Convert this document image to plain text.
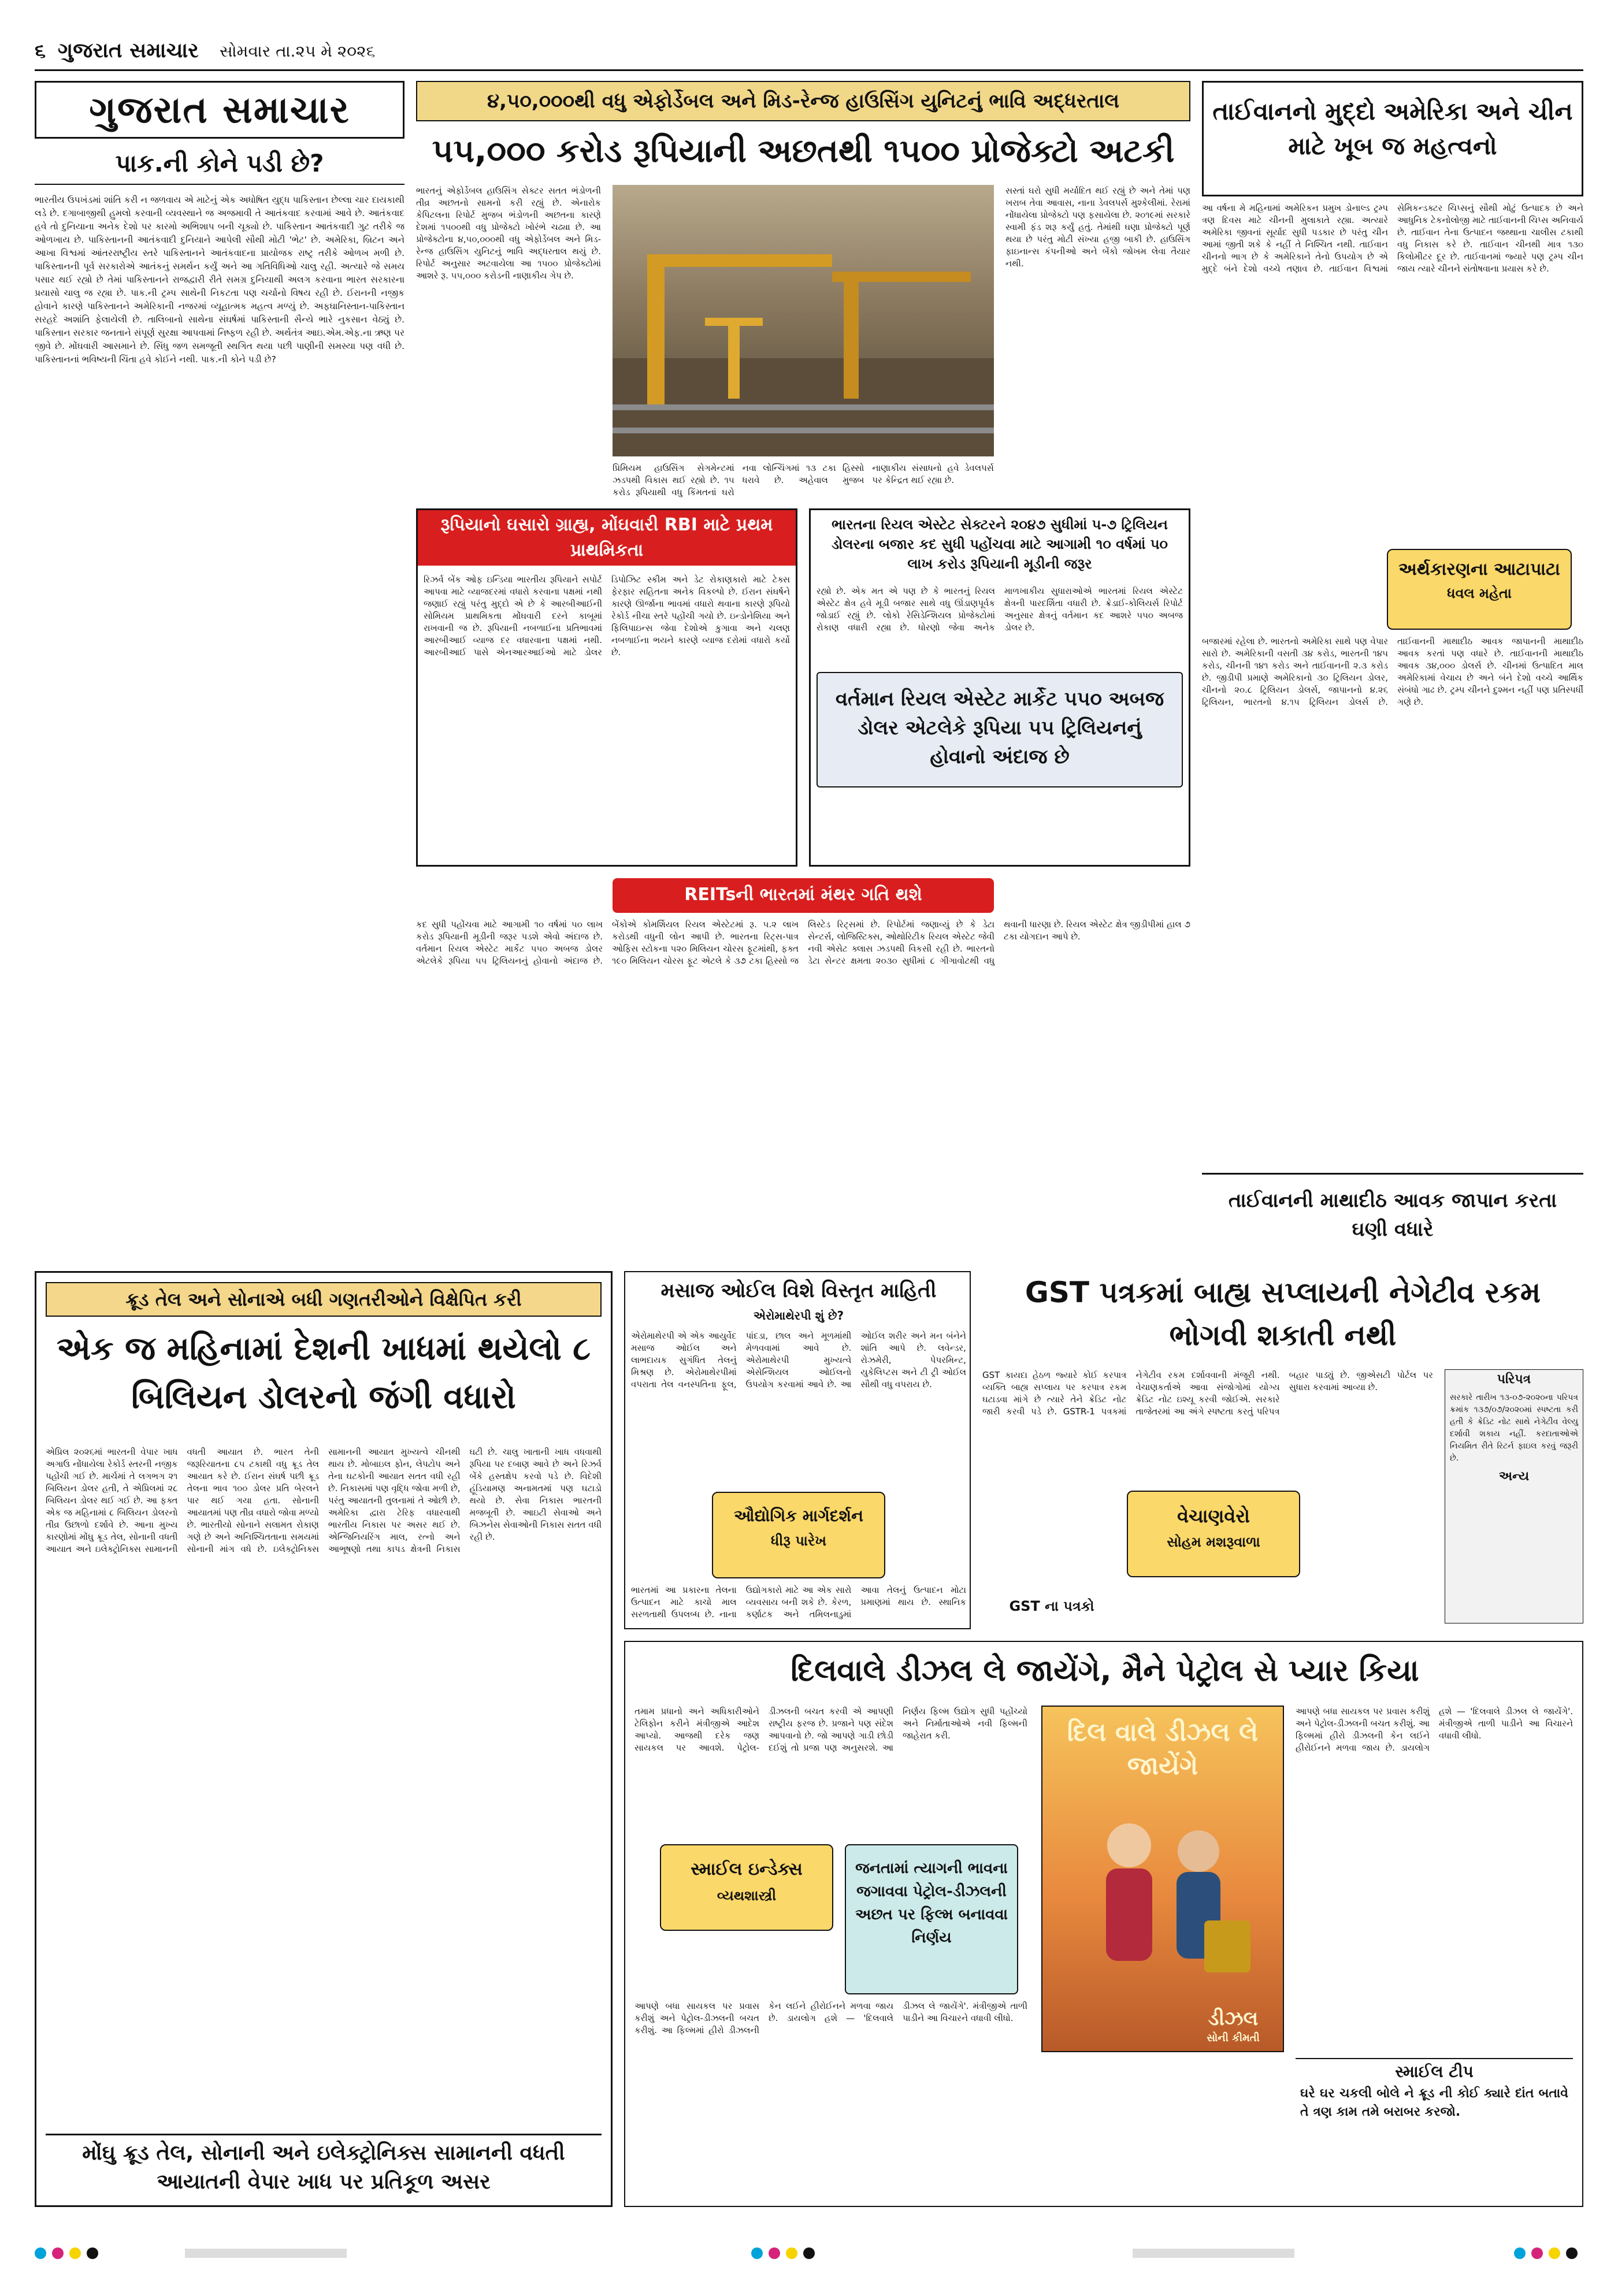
૬ ગુજરાત સમાચાર સોમવાર તા.૨૫ મે ૨૦૨૬
ગુજરાત સમાચાર
પાક.ની કોને પડી છે?

ભારતીય ઉપખંડમાં શાંતિ કરી ન જળવાય એ માટેનું એક અધોષિત યુદ્ધ પાકિસ્તાન છેલ્લા ચાર દાયકાથી લડે છે. દગાબાજીથી હુમલો કરવાની વ્યવસ્થાને જ અજમાવી તે આતંકવાદ કરવામાં આવે છે. આતંકવાદ હવે તો દુનિયાના અનેક દેશો પર કારમો અભિશાપ બની ચૂક્યો છે. પાકિસ્તાન આતંકવાદી ગુટ તરીકે જ ઓળખાય છે. પાકિસ્તાનની આતંકવાદી દુનિયાને આપેલી સૌથી મોટી 'ભેટ' છે. અમેરિકા, બ્રિટન અને આખા વિશ્વમાં આંતરરાષ્ટ્રીય સ્તરે પાકિસ્તાનને આતંકવાદના પ્રાયોજક રાષ્ટ્ર તરીકે ઓળખ મળી છે. પાકિસ્તાનની પૂર્વ સરકારોએ આતંકનું સમર્થન કર્યું અને આ ગતિવિધિઓ ચાલુ રહી. અત્યારે જે સમય પસાર થઈ રહ્યો છે તેમાં પાકિસ્તાનને રાજદ્વારી રીતે સમગ્ર દુનિયાથી અલગ કરવાના ભારત સરકારના પ્રયાસો ચાલુ જ રહ્યા છે. પાક.ની ટ્રમ્પ સાથેની નિકટતા પણ ચર્ચાનો વિષય રહી છે. ઈરાનની નજીક હોવાને કારણે પાકિસ્તાનને અમેરિકાની નજરમાં વ્યૂહાત્મક મહત્વ મળ્યું છે. અફઘાનિસ્તાન-પાકિસ્તાન સરહદે અશાંતિ ફેલાયેલી છે. તાલિબાનો સાથેના સંઘર્ષમાં પાકિસ્તાની સૈન્યે ભારે નુકસાન વેઠ્યું છે. પાકિસ્તાન સરકાર જનતાને સંપૂર્ણ સુરક્ષા આપવામાં નિષ્ફળ રહી છે. અર્થતંત્ર આઇ.એમ.એફ.ના ઋણ પર જીવે છે. મોંઘવારી આસમાને છે. સિંધુ જળ સમજૂતી સ્થગિત થયા પછી પાણીની સમસ્યા પણ વધી છે. પાકિસ્તાનનાં ભવિષ્યની ચિંતા હવે કોઈને નથી. પાક.ની કોને પડી છે?

૪,૫૦,૦૦૦થી વધુ એફોર્ડેબલ અને મિડ-રેન્જ હાઉસિંગ યુનિટનું ભાવિ અદ્ધરતાલ
૫૫,૦૦૦ કરોડ રૂપિયાની અછતથી ૧૫૦૦ પ્રોજેક્ટો અટકી

ભારતનું એફોર્ડેબલ હાઉસિંગ સેક્ટર સતત ભંડોળની તીવ્ર અછતનો સામનો કરી રહ્યું છે. એનારોક કેપિટલના રિપોર્ટ મુજબ ભંડોળની અછતના કારણે દેશમાં ૧૫૦૦થી વધુ પ્રોજેક્ટો ખોરંભે ચઢ્યા છે. આ પ્રોજેક્ટોના ૪,૫૦,૦૦૦થી વધુ એફોર્ડેબલ અને મિડ-રેન્જ હાઉસિંગ યુનિટનું ભાવિ અદ્ધરતાલ થયું છે. રિપોર્ટ અનુસાર અટવાયેલા આ ૧૫૦૦ પ્રોજેક્ટોમાં આશરે રૂ. ૫૫,૦૦૦ કરોડની નાણાકીય ગેપ છે.

પ્રિમિયમ હાઉસિંગ સેગમેન્ટમાં ઝડપથી વિકાસ થઈ રહ્યો છે. ૧૫ કરોડ રૂપિયાથી વધુ કિંમતનાં ઘરો નવા લોન્ચિંગમાં ૧૩ ટકા હિસ્સો ધરાવે છે. અહેવાલ મુજબ નાણાકીય સંસાધનો હવે ડેવલપર્સ પર કેન્દ્રિત થઈ રહ્યા છે.

સસ્તાં ઘરો સુધી મર્યાદિત થઈ રહ્યું છે અને તેમાં પણ ખરાબ તેવા આવાસ, નાના ડેવલપર્સ મુશ્કેલીમાં. રેરામાં નોંધાયેલા પ્રોજેક્ટો પણ ફસાયેલા છે. ૨૦૧૯માં સરકારે સ્વામી ફંડ શરૂ કર્યું હતું. તેમાંથી ઘણા પ્રોજેક્ટો પૂર્ણ થયા છે પરંતુ મોટી સંખ્યા હજી બાકી છે. હાઉસિંગ ફાઇનાન્સ કંપનીઓ અને બેંકો જોખમ લેવા તૈયાર નથી.

રૂપિયાનો ઘસારો ગ્રાહ્ય, મોંઘવારી RBI માટે પ્રથમ પ્રાથમિકતા

રિઝર્વ બેંક ઓફ ઇન્ડિયા ભારતીય રૂપિયાને સપોર્ટ આપવા માટે વ્યાજદરમાં વધારો કરવાના પક્ષમાં નથી જણાઈ રહ્યું પરંતુ મુદ્દો એ છે કે આરબીઆઈની સોમિયમ પ્રાથમિકતા મોંઘવારી દરને કાબૂમાં રાખવાની જ છે. રૂપિયાની નબળાઈના પ્રતિભાવમાં આરબીઆઈ વ્યાજ દર વધારવાના પક્ષમાં નથી. આરબીઆઈ પાસે એનઆરઆઈઓ માટે ડોલર ડિપોઝિટ સ્કીમ અને ડેટ રોકાણકારો માટે ટેક્સ ફેરફાર સહિતના અનેક વિકલ્પો છે. ઈરાન સંઘર્ષને કારણે ઊર્જાના ભાવમાં વધારો થવાના કારણે રૂપિયો રેકોર્ડ નીચા સ્તરે પહોંચી ગયો છે. ઇન્ડોનેશિયા અને ફિલિપાઇન્સ જેવા દેશોએ કુગાવા અને ચલણ નબળાઈના ભયને કારણે વ્યાજ દરોમાં વધારો કર્યો છે.

ભારતના રિયલ એસ્ટેટ સેક્ટરને ૨૦૪૭ સુધીમાં ૫-૭ ટ્રિલિયન ડોલરના બજાર કદ સુધી પહોંચવા માટે આગામી ૧૦ વર્ષમાં ૫૦ લાખ કરોડ રૂપિયાની મૂડીની જરૂર

રહ્યો છે. એક મત એ પણ છે કે ભારતનું રિયલ એસ્ટેટ ક્ષેત્ર હવે મૂડી બજાર સાથે વધુ ઊંડાણપૂર્વક જોડાઈ રહ્યું છે. લોકો રેસિડેન્શિયલ પ્રોજેક્ટોમાં રોકાણ વધારી રહ્યા છે. ધોરણો જેવા અનેક માળખાકીય સુધારાઓએ ભારતમાં રિયલ એસ્ટેટ ક્ષેત્રની પારદર્શિતા વધારી છે. ક્રેડાઈ-કોલિયર્સ રિપોર્ટ અનુસાર ક્ષેત્રનું વર્તમાન કદ આશરે ૫૫૦ અબજ ડોલર છે.

વર્તમાન રિયલ એસ્ટેટ માર્કેટ ૫૫૦ અબજ ડોલર એટલેકે રૂપિયા ૫૫ ટ્રિલિયનનું હોવાનો અંદાજ છે
REITsની ભારતમાં મંથર ગતિ થશે

કદ સુધી પહોંચવા માટે આગામી ૧૦ વર્ષમાં ૫૦ લાખ કરોડ રૂપિયાની મૂડીની જરૂર પડશે એવો અંદાજ છે. વર્તમાન રિયલ એસ્ટેટ માર્કેટ ૫૫૦ અબજ ડોલર એટલેકે રૂપિયા ૫૫ ટ્રિલિયનનું હોવાનો અંદાજ છે. બેંકોએ કોમર્શિયલ રિયલ એસ્ટેટમાં રૂ. ૫.૨ લાખ કરોડથી વધુની લોન આપી છે. ભારતના રિટ્સ-પાત્ર ઓફિસ સ્ટોકના ૫૨૦ મિલિયન ચોરસ ફૂટમાંથી, ફક્ત ૧૯૦ મિલિયન ચોરસ ફૂટ એટલે કે ૩૭ ટકા હિસ્સો જ લિસ્ટેડ રિટ્સમાં છે. રિપોર્ટમાં જણાવ્યું છે કે ડેટા સેન્ટર્સ, લોજિસ્ટિક્સ, ઓથોરિટીક રિયલ એસ્ટેટ જેવી નવી એસેટ ક્લાસ ઝડપથી વિકસી રહી છે. ભારતનો ડેટા સેન્ટર ક્ષમતા ૨૦૩૦ સુધીમાં ૮ ગીગાવોટથી વધુ થવાની ધારણા છે. રિયલ એસ્ટેટ ક્ષેત્ર જીડીપીમાં હાલ ૭ ટકા યોગદાન આપે છે.

તાઈવાનનો મુદ્દો અમેરિકા અને ચીન માટે ખૂબ જ મહત્વનો

આ વર્ષના મે મહિનામાં અમેરિકન પ્રમુખ ડોનાલ્ડ ટ્રમ્પ ત્રણ દિવસ માટે ચીનની મુલાકાતે રહ્યા. અત્યારે અમેરિકા જીવનાં સૂર્યાદ સુધી પડકાર છે પરંતુ ચીન આમાં જીતી શકે કે નહીં તે નિશ્ચિત નથી. તાઈવાન ચીનનો ભાગ છે કે અમેરિકાને તેનો ઉપયોગ છે એ મુદ્દે બંને દેશો વચ્ચે તણાવ છે. તાઈવાન વિશ્વમાં સેમિકન્ડક્ટર ચિપ્સનું સૌથી મોટું ઉત્પાદક છે અને આધુનિક ટેકનોલોજી માટે તાઈવાનની ચિપ્સ અનિવાર્ય છે. તાઈવાન તેના ઉત્પાદન જથ્થાના ચાલીસ ટકાથી વધુ નિકાસ કરે છે. તાઈવાન ચીનથી માત્ર ૧૩૦ કિલોમીટર દૂર છે. તાઈવાનમાં જ્યારે પણ ટ્રમ્પ ચીન જાય ત્યારે ચીનને સંતોષવાના પ્રયાસ કરે છે.

અર્થકારણના આટાપાટા
ધવલ મહેતા

બજારમાં રહેલા છે. ભારતનો અમેરિકા સાથે પણ વેપાર સારો છે. અમેરિકાની વસતી ૩૪ કરોડ, ભારતની ૧૪૫ કરોડ, ચીનની ૧૪૧ કરોડ અને તાઈવાનની ૨.૩ કરોડ છે. જીડીપી પ્રમાણે અમેરિકાનો ૩૦ ટ્રિલિયન ડોલર, ચીનનો ૨૦.૮ ટ્રિલિયન ડોલર્સ, જાપાનનો ૪.૨૬ ટ્રિલિયન, ભારતનો ૪.૧૫ ટ્રિલિયન ડોલર્સ છે. તાઈવાનની માથાદીઠ આવક જાપાનની માથાદીઠ આવક કરતાં પણ વધારે છે. તાઈવાનની માથાદીઠ આવક ૩૪,૦૦૦ ડોલર્સ છે. ચીનમાં ઉત્પાદિત માલ અમેરિકામાં વેચાય છે અને બંને દેશો વચ્ચે આર્થિક સંબંધો ગાઢ છે. ટ્રમ્પ ચીનને દુશ્મન નહીં પણ પ્રતિસ્પર્ધી ગણે છે.

તાઈવાનની માથાદીઠ આવક જાપાન કરતા ઘણી વધારે
ક્રૂડ તેલ અને સોનાએ બધી ગણતરીઓને વિક્ષેપિત કરી
એક જ મહિનામાં દેશની ખાધમાં થયેલો ૮ બિલિયન ડોલરનો જંગી વધારો

એપ્રિલ ૨૦૨૬માં ભારતની વેપાર ખાધ અગાઉ નોંધાયેલા રેકોર્ડ સ્તરની નજીક પહોંચી ગઈ છે. માર્ચમાં તે લગભગ ૨૧ બિલિયન ડોલર હતી, તે એપ્રિલમાં ૨૮ બિલિયન ડોલર થઈ ગઈ છે. આ ફક્ત એક જ મહિનામાં ૮ બિલિયન ડોલરનો તીવ્ર ઉછાળો દર્શાવે છે. આના મુખ્ય કારણોમાં મોંઘુ ક્રૂડ તેલ, સોનાની વધતી આયાત અને ઇલેક્ટ્રોનિક્સ સામાનની વધતી આયાત છે. ભારત તેની જરૂરિયાતના ૮૫ ટકાથી વધુ ક્રૂડ તેલ આયાત કરે છે. ઈરાન સંઘર્ષ પછી ક્રૂડ તેલના ભાવ ૧૦૦ ડોલર પ્રતિ બેરલને પાર થઈ ગયા હતા. સોનાની આયાતમાં પણ તીવ્ર વધારો જોવા મળ્યો છે. ભારતીયો સોનાને સલામત રોકાણ ગણે છે અને અનિશ્ચિતતાના સમયમાં સોનાની માંગ વધે છે. ઇલેક્ટ્રોનિક્સ સામાનની આયાત મુખ્યત્વે ચીનથી થાય છે. મોબાઇલ ફોન, લેપટોપ અને તેના ઘટકોની આયાત સતત વધી રહી છે. નિકાસમાં પણ વૃદ્ધિ જોવા મળી છે, પરંતુ આયાતની તુલનામાં તે ઓછી છે. અમેરિકા દ્વારા ટેરિફ વધારવાથી ભારતીય નિકાસ પર અસર થઈ છે. એન્જિનિયરિંગ માલ, રત્નો અને આભૂષણો તથા કાપડ ક્ષેત્રની નિકાસ ઘટી છે. ચાલુ ખાતાની ખાધ વધવાથી રૂપિયા પર દબાણ આવે છે અને રિઝર્વ બેંકે હસ્તક્ષેપ કરવો પડે છે. વિદેશી હૂંડિયામણ અનામતમાં પણ ઘટાડો થયો છે. સેવા નિકાસ ભારતની મજબૂતી છે. આઇટી સેવાઓ અને બિઝનેસ સેવાઓની નિકાસ સતત વધી રહી છે.

મોંઘુ ક્રૂડ તેલ, સોનાની અને ઇલેક્ટ્રોનિક્સ સામાનની વધતી આયાતની વેપાર ખાધ પર પ્રતિકૂળ અસર
મસાજ ઓઈલ વિશે વિસ્તૃત માહિતી
એરોમાથેરપી શું છે?

એરોમાથેરપી એ એક આયુર્વેદ મસાજ ઓઈલ અને લાભદાયક સુગંધિત તેલનું મિશ્રણ છે. એરોમાથેરપીમાં વપરાતા તેલ વનસ્પતિના ફૂલ, પાંદડા, છાલ અને મૂળમાંથી મેળવવામાં આવે છે. એરોમાથેરપી મુખ્યત્વે એસેન્શિયલ ઓઈલનો ઉપયોગ કરવામાં આવે છે. આ ઓઈલ શરીર અને મન બંનેને શાંતિ આપે છે. લવેન્ડર, રોઝમેરી, પેપરમિન્ટ, યુકેલિપ્ટસ અને ટી ટ્રી ઓઈલ સૌથી વધુ વપરાય છે.

ઔદ્યોગિક માર્ગદર્શન
ધીરૂ પારેખ

ભારતમાં આ પ્રકારના તેલના ઉત્પાદન માટે કાચો માલ સરળતાથી ઉપલબ્ધ છે. નાના ઉદ્યોગકારો માટે આ એક સારો વ્યવસાય બની શકે છે. કેરળ, કર્ણાટક અને તમિલનાડુમાં આવા તેલનું ઉત્પાદન મોટા પ્રમાણમાં થાય છે. સ્થાનિક

GST પત્રકમાં બાહ્ય સપ્લાયની નેગેટીવ રકમ ભોગવી શકાતી નથી

GST કાયદા હેઠળ જ્યારે કોઈ કરપાત્ર વ્યક્તિ બાહ્ય સપ્લાય પર કરપાત્ર રકમ ઘટાડવા માંગે છે ત્યારે તેને ક્રેડિટ નોટ જારી કરવી પડે છે. GSTR-1 પત્રકમાં નેગેટીવ રકમ દર્શાવવાની મંજૂરી નથી. વેચાણકર્તાએ આવા સંજોગોમાં યોગ્ય ક્રેડિટ નોટ ઇશ્યૂ કરવી જોઈએ. સરકારે તાજેતરમાં આ અંગે સ્પષ્ટતા કરતું પરિપત્ર બહાર પાડ્યું છે. જીએસટી પોર્ટલ પર સુધારા કરવામાં આવ્યા છે.

પરિપત્ર

સરકારે તારીખ ૧૩-૦૭-૨૦૨૦ના પરિપત્ર ક્રમાંક ૧૩૭/૦૭/૨૦૨૦માં સ્પષ્ટતા કરી હતી કે ક્રેડિટ નોટ સાથે નેગેટીવ વેલ્યુ દર્શાવી શકાય નહીં. કરદાતાઓએ નિયમિત રીતે રિટર્ન ફાઇલ કરવું જરૂરી છે.

અન્ય
વેચાણવેરો
સોહમ મશરૂવાળા
GST ના પત્રકો
દિલવાલે ડીઝલ લે જાયેંગે, મૈને પેટ્રોલ સે પ્યાર કિયા

તમામ પ્રધાનો અને અધિકારીઓને ટેલિફોન કરીને મંત્રીજીએ આદેશ આપ્યો. આજથી દરેક જણ સાયકલ પર આવશે. પેટ્રોલ-ડીઝલની બચત કરવી એ આપણી રાષ્ટ્રીય ફરજ છે. પ્રજાને પણ સંદેશ આપવાનો છે. જો આપણે ગાડી છોડી દઈશું તો પ્રજા પણ અનુસરશે. આ નિર્ણય ફિલ્મ ઉદ્યોગ સુધી પહોંચ્યો અને નિર્માતાઓએ નવી ફિલ્મની જાહેરાત કરી.

સ્માઈલ ઇન્ડેક્સ
વ્યથશાસ્ત્રી
જનતામાં ત્યાગની ભાવના જગાવવા પેટ્રોલ-ડીઝલની અછત પર ફિલ્મ બનાવવા નિર્ણય

આપણે બધા સાયકલ પર પ્રવાસ કરીશું અને પેટ્રોલ-ડીઝલની બચત કરીશું. આ ફિલ્મમાં હીરો ડીઝલની કેન લઈને હીરોઈનને મળવા જાય છે. ડાયલોગ હશે — 'દિલવાલે ડીઝલ લે જાયેંગે'. મંત્રીજીએ તાળી પાડીને આ વિચારને વધાવી લીધો.

દિલ વાલે ડીઝલ લે જાયેંગે
ડીઝલ
સોની કીમતી

આપણે બધા સાયકલ પર પ્રવાસ કરીશું અને પેટ્રોલ-ડીઝલની બચત કરીશું. આ ફિલ્મમાં હીરો ડીઝલની કેન લઈને હીરોઈનને મળવા જાય છે. ડાયલોગ હશે — 'દિલવાલે ડીઝલ લે જાયેંગે'. મંત્રીજીએ તાળી પાડીને આ વિચારને વધાવી લીધો.

સ્માઈલ ટીપ

ઘરે ઘર ચકલી બોલે ને ક્રૂડ ની કોઈ ક્યારે દાંત બતાવે તે ત્રણ કામ તમે બરાબર કરજો.
